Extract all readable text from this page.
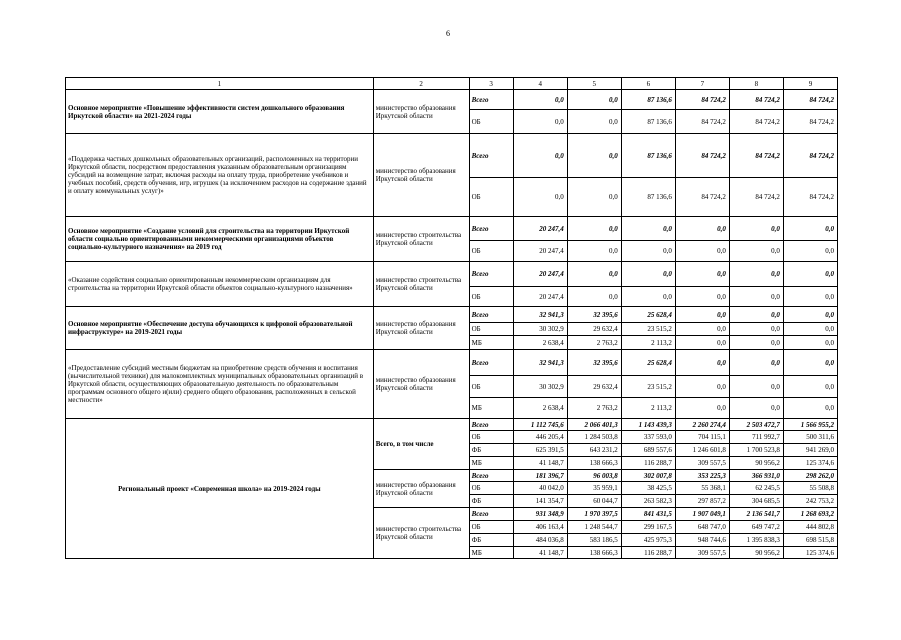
6
1	2	3	4	5	6	7	8	9
Основное мероприятие «Повышение эффективности систем дошкольного образования Иркутской области» на 2021-2024 годы	министерство образования Иркутской области	Всего	0,0	0,0	87 136,6	84 724,2	84 724,2	84 724,2
		ОБ	0,0	0,0	87 136,6	84 724,2	84 724,2	84 724,2
«Поддержка частных дошкольных образовательных организаций, расположенных на территории Иркутской области, посредством предоставления указанным образовательным организациям субсидий на возмещение затрат, включая расходы на оплату труда, приобретение учебников и учебных пособий, средств обучения, игр, игрушек (за исключением расходов на содержание зданий и оплату коммунальных услуг)»	министерство образования Иркутской области	Всего	0,0	0,0	87 136,6	84 724,2	84 724,2	84 724,2
		ОБ	0,0	0,0	87 136,6	84 724,2	84 724,2	84 724,2
Основное мероприятие «Создание условий для строительства на территории Иркутской области социально ориентированными некоммерческими организациями объектов социально-культурного назначения» на 2019 год	министерство строительства Иркутской области	Всего	20 247,4	0,0	0,0	0,0	0,0	0,0
		ОБ	20 247,4	0,0	0,0	0,0	0,0	0,0
«Оказание содействия социально ориентированным некоммерческим организациям для строительства на территории Иркутской области объектов социально-культурного назначения»	министерство строительства Иркутской области	Всего	20 247,4	0,0	0,0	0,0	0,0	0,0
		ОБ	20 247,4	0,0	0,0	0,0	0,0	0,0
Основное мероприятие «Обеспечение доступа обучающихся к цифровой образовательной инфраструктуре» на 2019-2021 годы	министерство образования Иркутской области	Всего	32 941,3	32 395,6	25 628,4	0,0	0,0	0,0
		ОБ	30 302,9	29 632,4	23 515,2	0,0	0,0	0,0
		МБ	2 638,4	2 763,2	2 113,2	0,0	0,0	0,0
«Предоставление субсидий местным бюджетам на приобретение средств обучения и воспитания (вычислительной техники) для малокомплектных муниципальных образовательных организаций в Иркутской области, осуществляющих образовательную деятельность по образовательным программам основного общего и(или) среднего общего образования, расположенных в сельской местности»	министерство образования Иркутской области	Всего	32 941,3	32 395,6	25 628,4	0,0	0,0	0,0
		ОБ	30 302,9	29 632,4	23 515,2	0,0	0,0	0,0
		МБ	2 638,4	2 763,2	2 113,2	0,0	0,0	0,0
Региональный проект «Современная школа» на 2019-2024 годы	Всего, в том числе	Всего	1 112 745,6	2 066 401,3	1 143 439,3	2 260 274,4	2 503 472,7	1 566 955,2
		ОБ	446 205,4	1 284 503,8	337 593,0	704 115,1	711 992,7	500 311,6
		ФБ	625 391,5	643 231,2	689 557,6	1 246 601,8	1 700 523,8	941 269,0
		МБ	41 148,7	138 666,3	116 288,7	309 557,5	90 956,2	125 374,6
	министерство образования Иркутской области	Всего	181 396,7	96 003,8	302 007,8	353 225,3	366 931,0	298 262,0
		ОБ	40 042,0	35 959,1	38 425,5	55 368,1	62 245,5	55 508,8
		ФБ	141 354,7	60 044,7	263 582,3	297 857,2	304 685,5	242 753,2
	министерство строительства Иркутской области	Всего	931 348,9	1 970 397,5	841 431,5	1 907 049,1	2 136 541,7	1 268 693,2
		ОБ	406 163,4	1 248 544,7	299 167,5	648 747,0	649 747,2	444 802,8
		ФБ	484 036,8	583 186,5	425 975,3	948 744,6	1 395 838,3	698 515,8
		МБ	41 148,7	138 666,3	116 288,7	309 557,5	90 956,2	125 374,6
